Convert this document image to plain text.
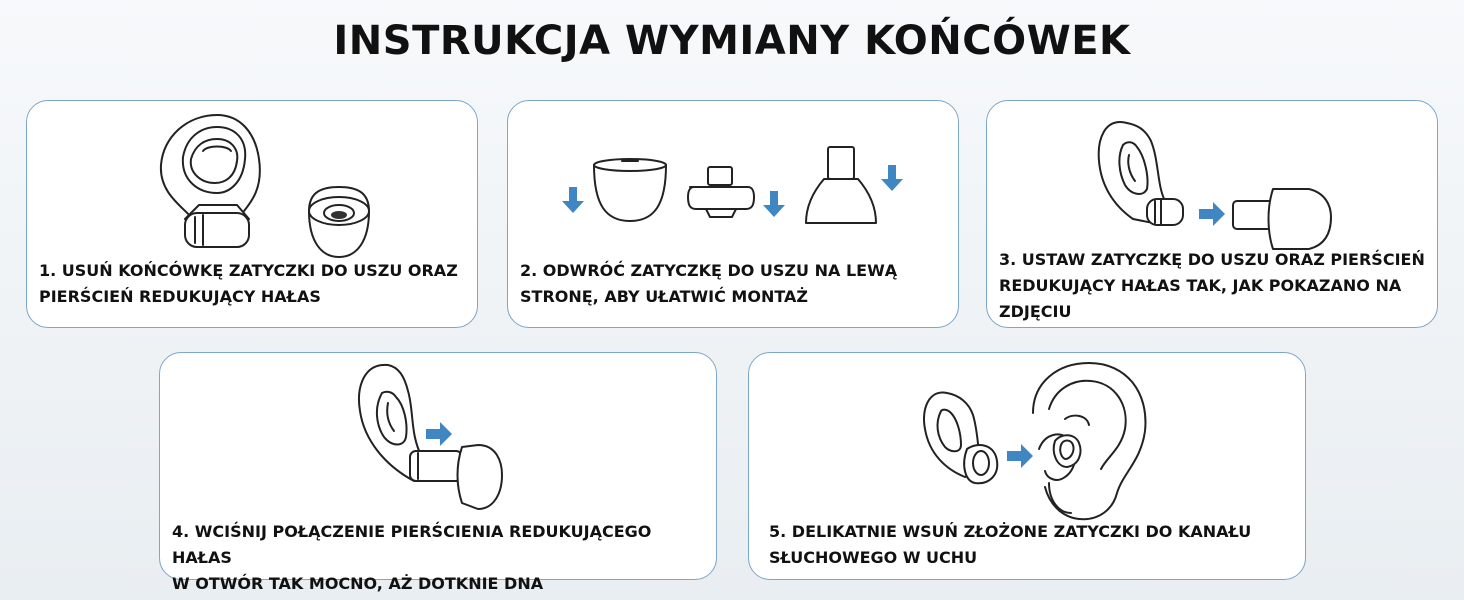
INSTRUKCJA WYMIANY KOŃCÓWEK
1. USUŃ KOŃCÓWKĘ ZATYCZKI DO USZU ORAZ
PIERŚCIEŃ REDUKUJĄCY HAŁAS
2. ODWRÓĆ ZATYCZKĘ DO USZU NA LEWĄ
STRONĘ, ABY UŁATWIĆ MONTAŻ
3. USTAW ZATYCZKĘ DO USZU ORAZ PIERŚCIEŃ
REDUKUJĄCY HAŁAS TAK, JAK POKAZANO NA
ZDJĘCIU
4. WCIŚNIJ POŁĄCZENIE PIERŚCIENIA REDUKUJĄCEGO HAŁAS
W OTWÓR TAK MOCNO, AŻ DOTKNIE DNA
5. DELIKATNIE WSUŃ ZŁOŻONE ZATYCZKI DO KANAŁU
SŁUCHOWEGO W UCHU
